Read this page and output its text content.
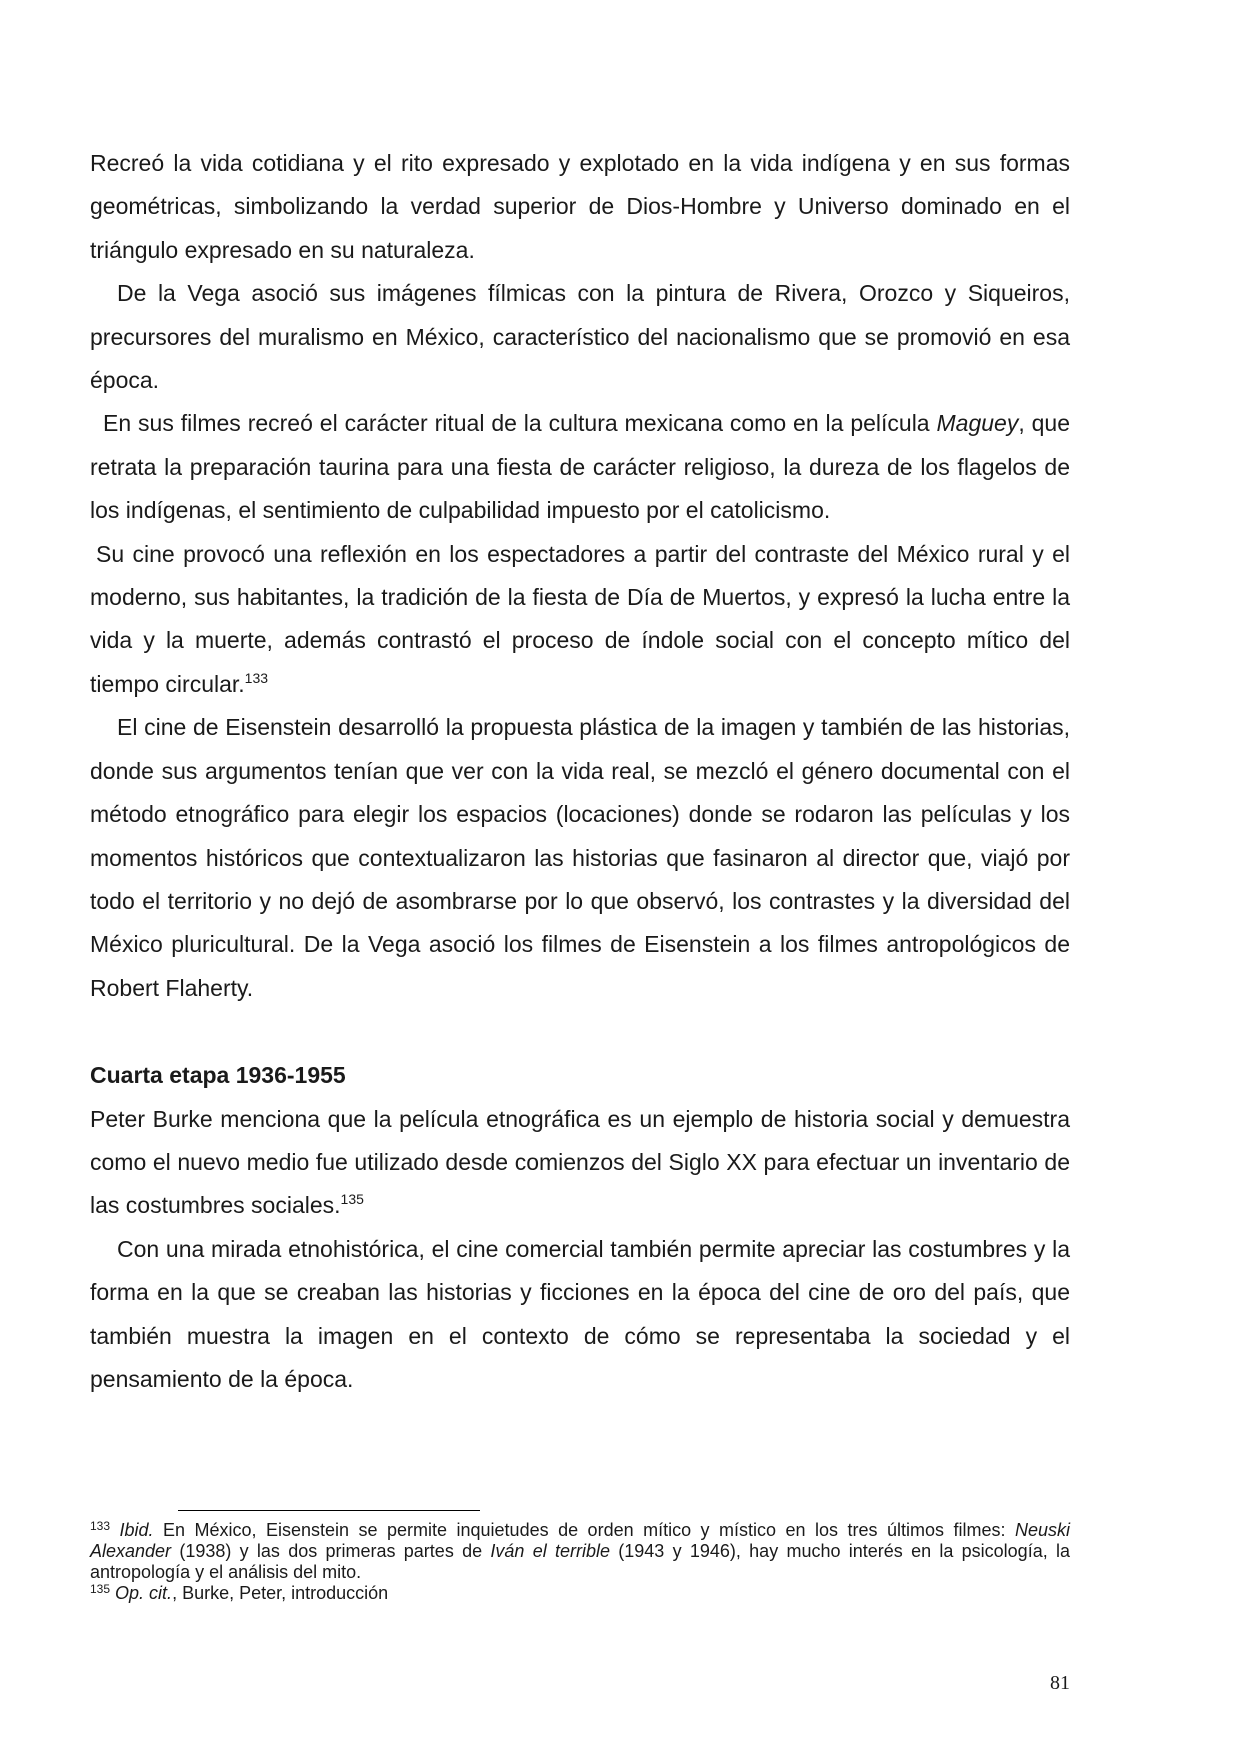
Recreó la vida cotidiana y el rito expresado y explotado en la vida indígena y en sus formas geométricas, simbolizando la verdad superior de Dios-Hombre y Universo dominado en el triángulo expresado en su naturaleza.

De la Vega asoció sus imágenes fílmicas con la pintura de Rivera, Orozco y Siqueiros, precursores del muralismo en México, característico del nacionalismo que se promovió en esa época.

En sus filmes recreó el carácter ritual de la cultura mexicana como en la película Maguey, que retrata la preparación taurina para una fiesta de carácter religioso, la dureza de los flagelos de los indígenas, el sentimiento de culpabilidad impuesto por el catolicismo.

Su cine provocó una reflexión en los espectadores a partir del contraste del México rural y el moderno, sus habitantes, la tradición de la fiesta de Día de Muertos, y expresó la lucha entre la vida y la muerte, además contrastó el proceso de índole social con el concepto mítico del tiempo circular.$^{133}$

El cine de Eisenstein desarrolló la propuesta plástica de la imagen y también de las historias, donde sus argumentos tenían que ver con la vida real, se mezcló el género documental con el método etnográfico para elegir los espacios (locaciones) donde se rodaron las películas y los momentos históricos que contextualizaron las historias que fasinaron al director que, viajó por todo el territorio y no dejó de asombrarse por lo que observó, los contrastes y la diversidad del México pluricultural. De la Vega asoció los filmes de Eisenstein a los filmes antropológicos de Robert Flaherty.

Cuarta etapa 1936-1955

Peter Burke menciona que la película etnográfica es un ejemplo de historia social y demuestra como el nuevo medio fue utilizado desde comienzos del Siglo XX para efectuar un inventario de las costumbres sociales.$^{135}$

Con una mirada etnohistórica, el cine comercial también permite apreciar las costumbres y la forma en la que se creaban las historias y ficciones en la época del cine de oro del país, que también muestra la imagen en el contexto de cómo se representaba la sociedad y el pensamiento de la época.

$^{133}$ Ibid. En México, Eisenstein se permite inquietudes de orden mítico y místico en los tres últimos filmes: Neuski Alexander (1938) y las dos primeras partes de Iván el terrible (1943 y 1946), hay mucho interés en la psicología, la antropología y el análisis del mito.

$^{135}$ Op. cit., Burke, Peter, introducción

81
